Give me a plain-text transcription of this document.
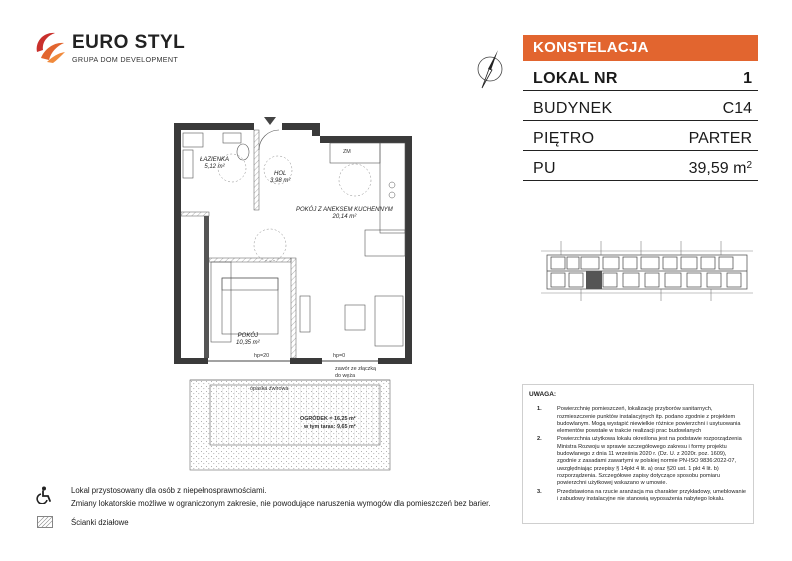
EURO STYL
GRUPA DOM DEVELOPMENT
KONSTELACJA
LOKAL NR	1
BUDYNEK	C14
PIĘTRO	PARTER
PU	39,59 $m^2$
ŁAZIENKA
5,12 m²
HOL
3,98 m²
POKÓJ Z ANEKSEM KUCHENNYM
20,14 m²
POKÓJ
10,35 m²
ZM
hp=20	hp=0
zawór ze złączką
do węża
opaska żwirowa
OGRÓDEK = 16,25 m²
w tym taras: 9,65 m²
UWAGA:
1.	Powierzchnię pomieszczeń, lokalizację przyborów sanitarnych, rozmieszczenie punktów instalacyjnych itp. podano zgodnie z projektem budowlanym. Mogą wystąpić niewielkie różnice powierzchni i usytuowania elementów powstałe w trakcie realizacji prac budowlanych
2.	Powierzchnia użytkowa lokalu określona jest na podstawie rozporządzenia Ministra Rozwoju w sprawie szczegółowego zakresu i formy projektu budowlanego z dnia 11 września 2020 r. (Dz. U. z 2020r. poz. 1609), zgodnie z zasadami zawartymi w polskiej normie PN-ISO 9836:2022-07, uwzględniając przepisy § 14pkt 4 lit. a) oraz §20 ust. 1 pkt 4 lit. b) rozporządzenia. Szczegółowe zapisy dotyczące sposobu pomiaru powierzchni użytkowej wskazano w umowie.
3.	Przedstawiona na rzucie aranżacja ma charakter przykładowy, umeblowanie i zabudowy instalacyjne nie stanowią wyposażenia nabytego lokalu.
Lokal przystosowany dla osób z niepełnosprawnościami.
Zmiany lokatorskie możliwe w ograniczonym zakresie, nie powodujące naruszenia wymogów dla pomieszczeń bez barier.
Ścianki działowe
